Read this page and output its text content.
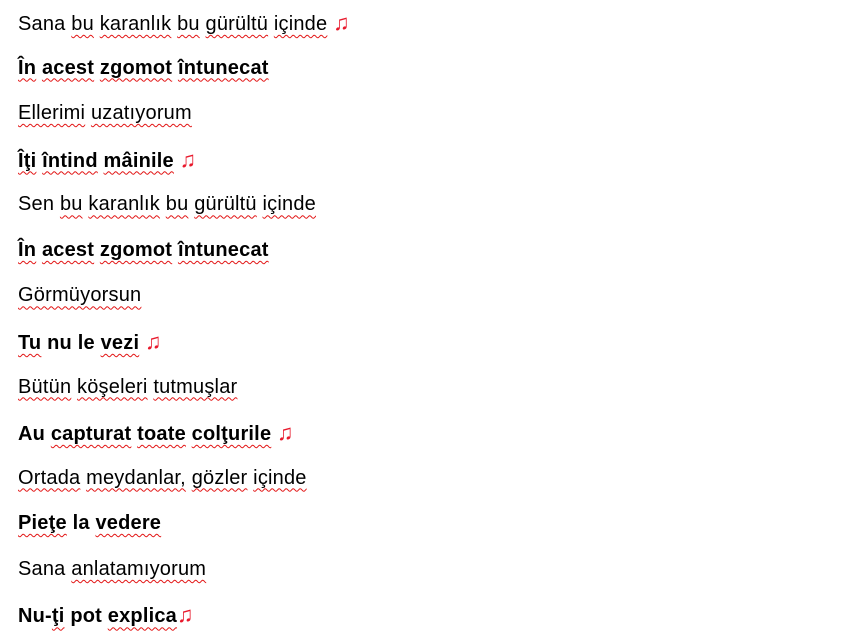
Sana bu karanlık bu gürültü içinde ♫

În acest zgomot întunecat

Ellerimi uzatıyorum

Îţi întind mâinile ♫

Sen bu karanlık bu gürültü içinde

În acest zgomot întunecat

Görmüyorsun

Tu nu le vezi ♫

Bütün köşeleri tutmuşlar

Au capturat toate colţurile ♫

Ortada meydanlar, gözler içinde

Pieţe la vedere

Sana anlatamıyorum

Nu-ţi pot explica♫
